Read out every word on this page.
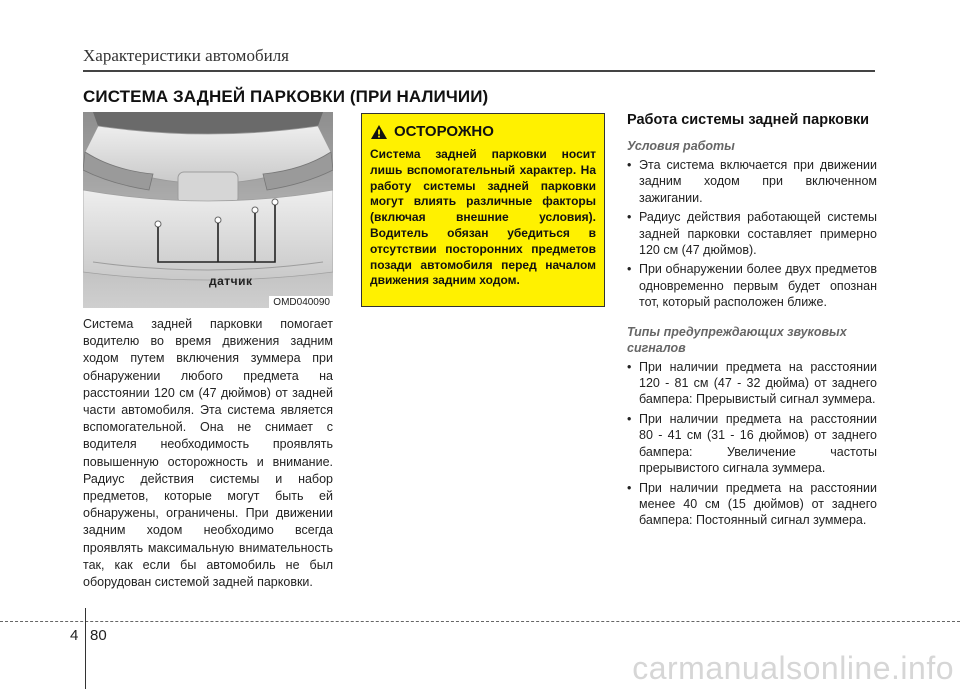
Характеристики автомобиля
СИСТЕМА ЗАДНЕЙ ПАРКОВКИ (ПРИ НАЛИЧИИ)
датчик
OMD040090
Система задней парковки помогает водителю во время движения задним ходом путем включения зуммера при обнаружении любого предмета на расстоянии 120 см (47 дюймов) от задней части автомобиля. Эта система является вспомогательной. Она не снимает с водителя необходимость проявлять повышенную осторожность и внимание. Радиус действия системы и набор предметов, которые могут быть ей обнаружены, ограничены. При движении задним ходом необходимо всегда проявлять максимальную внимательность так, как если бы автомобиль не был оборудован системой задней парковки.
ОСТОРОЖНО
Система задней парковки носит лишь вспомогательный характер. На работу системы задней парковки могут влиять различные факторы (включая внешние условия). Водитель обязан убедиться в отсутствии посторонних предметов позади автомобиля перед началом движения задним ходом.
Работа системы задней парковки
Условия работы
• Эта система включается при движении задним ходом при включенном зажигании.
• Радиус действия работающей системы задней парковки составляет примерно 120 см (47 дюймов).
• При обнаружении более двух предметов одновременно первым будет опознан тот, который расположен ближе.
Типы предупреждающих звуковых сигналов
• При наличии предмета на расстоянии 120 - 81 см (47 - 32 дюйма) от заднего бампера: Прерывистый сигнал зуммера.
• При наличии предмета на расстоянии 80 - 41 см (31 - 16 дюймов) от заднего бампера: Увеличение частоты прерывистого сигнала зуммера.
• При наличии предмета на расстоянии менее 40 см (15 дюймов) от заднего бампера: Постоянный сигнал зуммера.
4 80
carmanualsonline.info
